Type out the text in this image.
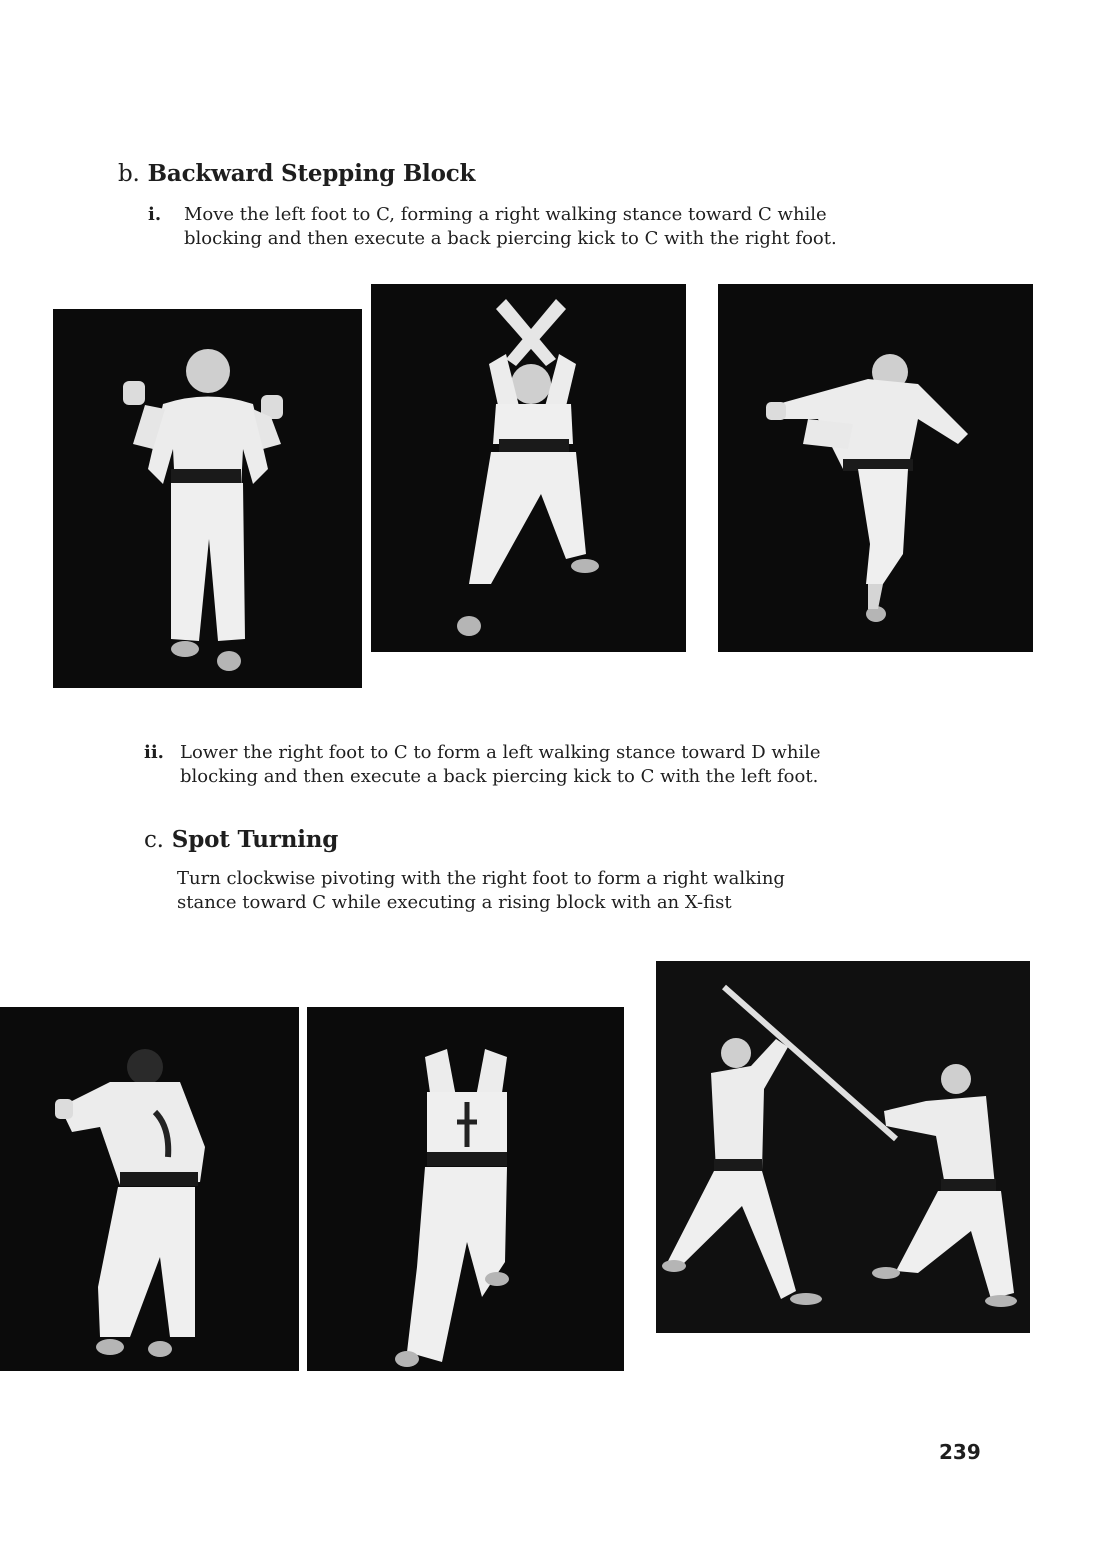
b. Backward Stepping Block
i. Move the left foot to C, forming a right walking stance toward C while
blocking and then execute a back piercing kick to C with the right foot.
ii. Lower the right foot to C to form a left walking stance toward D while
blocking and then execute a back piercing kick to C with the left foot.
c. Spot Turning
Turn clockwise pivoting with the right foot to form a right walking
stance toward C while executing a rising block with an X-fist
239
